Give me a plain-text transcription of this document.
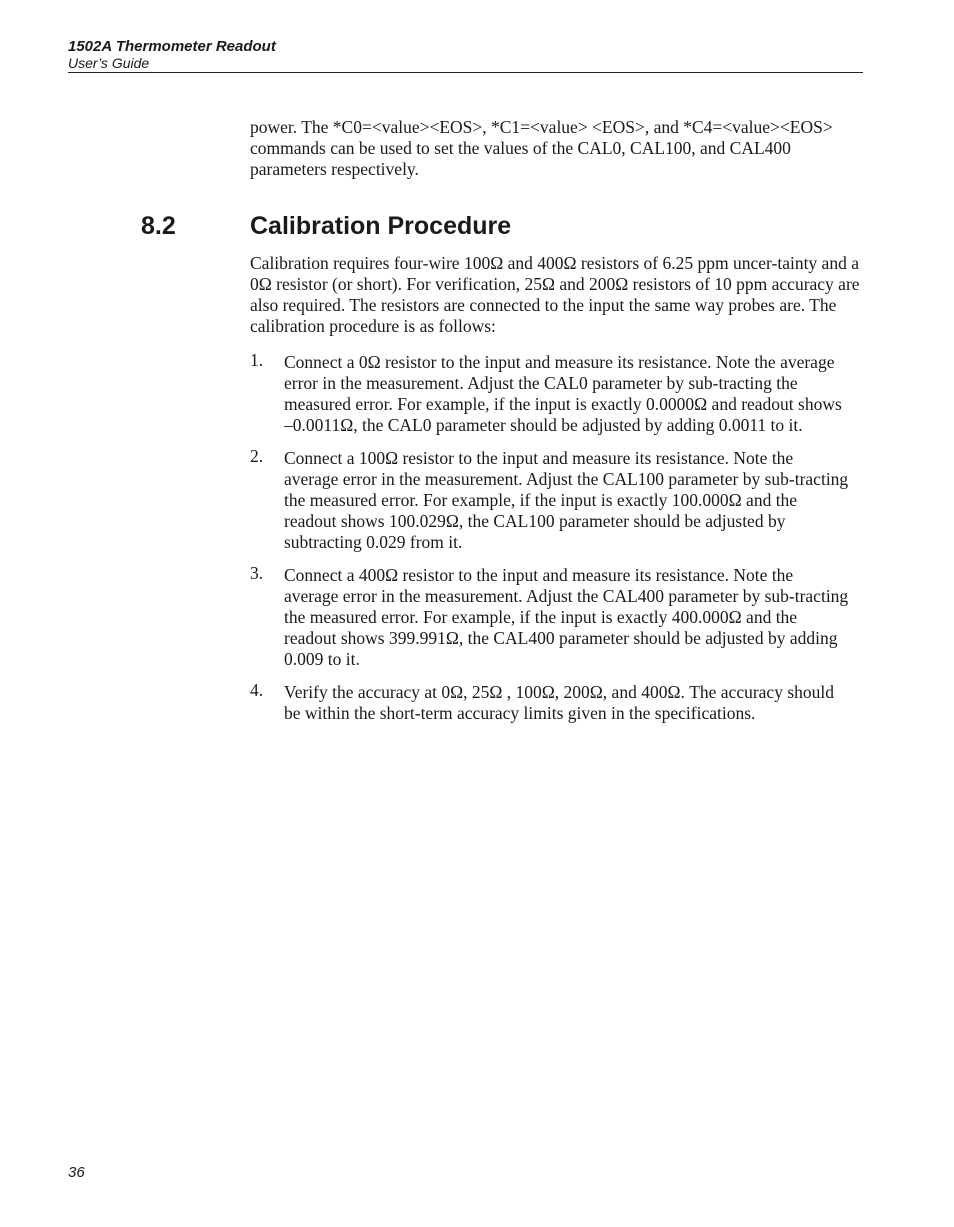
1502A Thermometer Readout
User’s Guide

power. The *C0=<value><EOS>, *C1=<value> <EOS>, and *C4=<value><EOS> commands can be used to set the values of the CAL0, CAL100, and CAL400 parameters respectively.

8.2	Calibration Procedure

Calibration requires four-wire 100Ω and 400Ω resistors of 6.25 ppm uncer-tainty and a 0Ω resistor (or short). For verification, 25Ω and 200Ω resistors of 10 ppm accuracy are also required. The resistors are connected to the input the same way probes are. The calibration procedure is as follows:

1. Connect a 0Ω resistor to the input and measure its resistance. Note the average error in the measurement. Adjust the CAL0 parameter by sub-tracting the measured error. For example, if the input is exactly 0.0000Ω and readout shows –0.0011Ω, the CAL0 parameter should be adjusted by adding 0.0011 to it.
2. Connect a 100Ω resistor to the input and measure its resistance. Note the average error in the measurement. Adjust the CAL100 parameter by sub-tracting the measured error. For example, if the input is exactly 100.000Ω and the readout shows 100.029Ω, the CAL100 parameter should be adjusted by subtracting 0.029 from it.
3. Connect a 400Ω resistor to the input and measure its resistance. Note the average error in the measurement. Adjust the CAL400 parameter by sub-tracting the measured error. For example, if the input is exactly 400.000Ω and the readout shows 399.991Ω, the CAL400 parameter should be adjusted by adding 0.009 to it.
4. Verify the accuracy at 0Ω, 25Ω , 100Ω, 200Ω, and 400Ω. The accuracy should be within the short-term accuracy limits given in the specifications.
36
